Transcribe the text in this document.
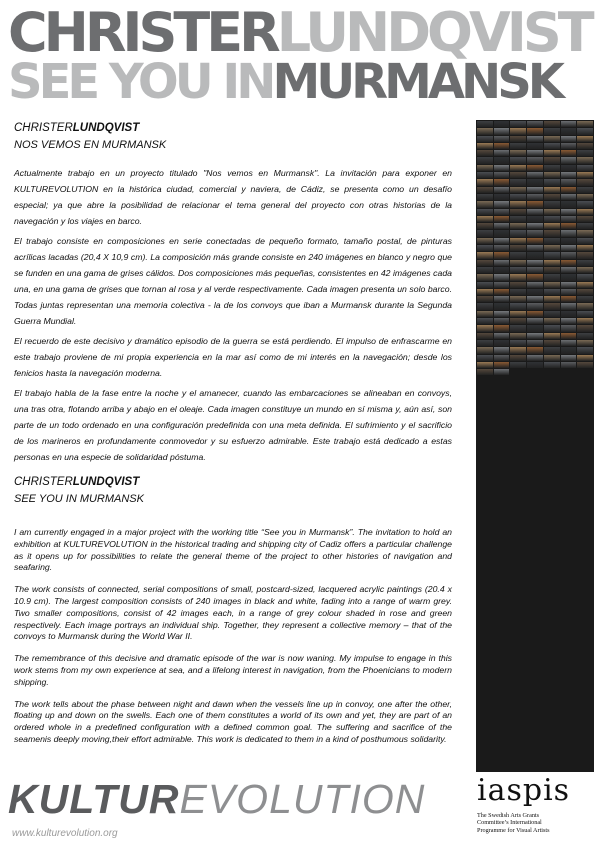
CHRISTERLUNDQVIST
SEE YOU INMURMANSK
CHRISTERLUNDQVIST
NOS VEMOS EN MURMANSK

Actualmente trabajo en un proyecto titulado "Nos vemos en Murmansk". La invitación para exponer en KULTUREVOLUTION en la histórica ciudad, comercial y naviera, de Cádiz, se presenta como un desafío especial; ya que abre la posibilidad de relacionar el tema general del proyecto con otras historias de la navegación y los viajes en barco.

El trabajo consiste en composiciones en serie conectadas de pequeño formato, tamaño postal, de pinturas acrílicas lacadas (20,4 X 10,9 cm). La composición más grande consiste en 240 imágenes en blanco y negro que se funden en una gama de grises cálidos. Dos composiciones más pequeñas, consistentes en 42 imágenes cada una, en una gama de grises que tornan al rosa y al verde respectivamente. Cada imagen presenta un solo barco. Todas juntas representan una memoria colectiva - la de los convoys que iban a Murmansk durante la Segunda Guerra Mundial.

El recuerdo de este decisivo y dramático episodio de la guerra se está perdiendo. El impulso de enfrascarme en este trabajo proviene de mi propia experiencia en la mar así como de mi interés en la navegación; desde los fenicios hasta la navegación moderna.

El trabajo habla de la fase entre la noche y el amanecer, cuando las embarcaciones se alineaban en convoys, una tras otra, flotando arriba y abajo en el oleaje. Cada imagen constituye un mundo en sí misma y, aún así, son parte de un todo ordenado en una configuración predefinida con una meta definida. El sufrimiento y el sacrificio de los marineros en profundamente conmovedor y su esfuerzo admirable. Este trabajo está dedicado a estas personas en una especie de solidaridad póstuma.

CHRISTERLUNDQVIST
SEE YOU IN MURMANSK

I am currently engaged in a major project with the working title “See you in Murmansk”. The invitation to hold an exhibition at KULTUREVOLUTION in the historical trading and shipping city of Cadiz offers a particular challenge as it opens up for possibilities to relate the general theme of the project to other histories of navigation and seafaring.

The work consists of connected, serial compositions of small, postcard-sized, lacquered acrylic paintings (20.4 x 10.9 cm). The largest composition consists of 240 images in black and white, fading into a range of warm grey. Two smaller compositions, consist of 42 images each, in a range of grey colour shaded in rose and green respectively. Each image portrays an individual ship. Together, they represent a collective memory – that of the convoys to Murmansk during the World War II.

The remembrance of this decisive and dramatic episode of the war is now waning. My impulse to engage in this work stems from my own experience at sea, and a lifelong interest in navigation, from the Phoenicians to modern shipping.

The work tells about the phase between night and dawn when the vessels line up in convoy, one after the other, floating up and down on the swells. Each one of them constitutes a world of its own and yet, they are part of an ordered whole in a predefined configuration with a defined common goal. The suffering and sacrifice of the seamenis deeply moving,their effort admirable. This work is dedicated to them in a kind of posthumous solidarity.

KULTUREVOLUTION
www.kulturevolution.org
iaspis
The Swedish Arts Grants
Committee’s International
Programme for Visual Artists
